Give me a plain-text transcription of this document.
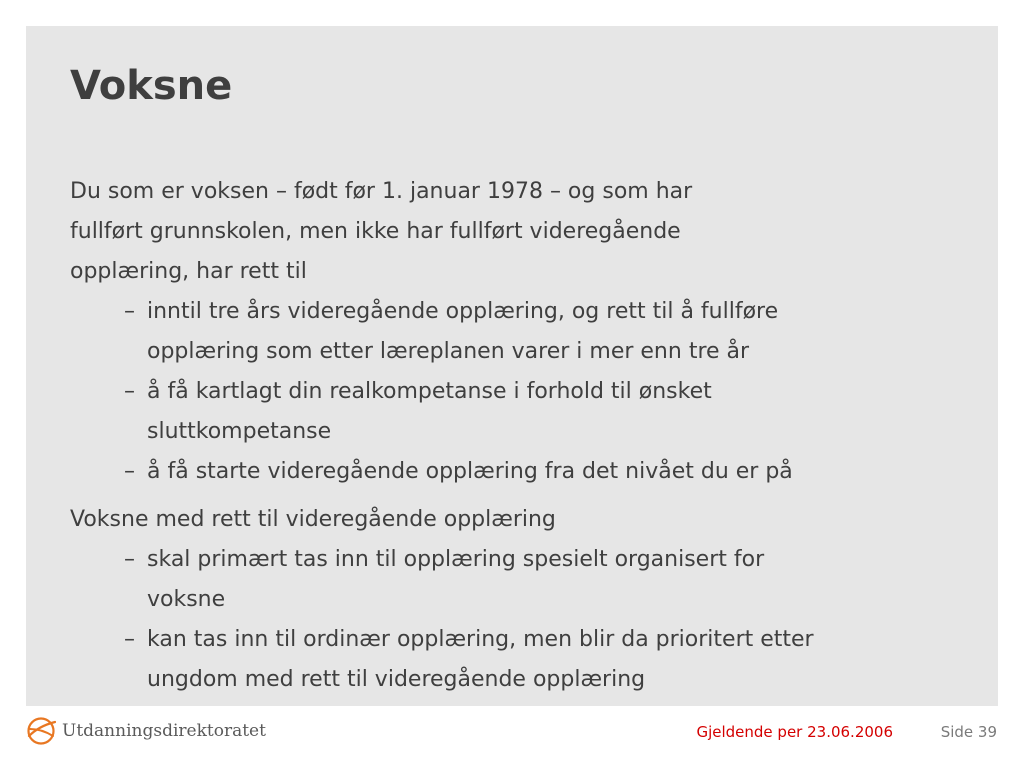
Voksne

Du som er voksen – født før 1. januar 1978 – og som har
fullført grunnskolen, men ikke har fullført videregående
opplæring, har rett til

– inntil tre års videregående opplæring, og rett til å fullføre
opplæring som etter læreplanen varer i mer enn tre år

– å få kartlagt din realkompetanse i forhold til ønsket
sluttkompetanse

– å få starte videregående opplæring fra det nivået du er på

Voksne med rett til videregående opplæring

– skal primært tas inn til opplæring spesielt organisert for
voksne

– kan tas inn til ordinær opplæring, men blir da prioritert etter
ungdom med rett til videregående opplæring

Utdanningsdirektoratet	Gjeldende per 23.06.2006	Side 39
